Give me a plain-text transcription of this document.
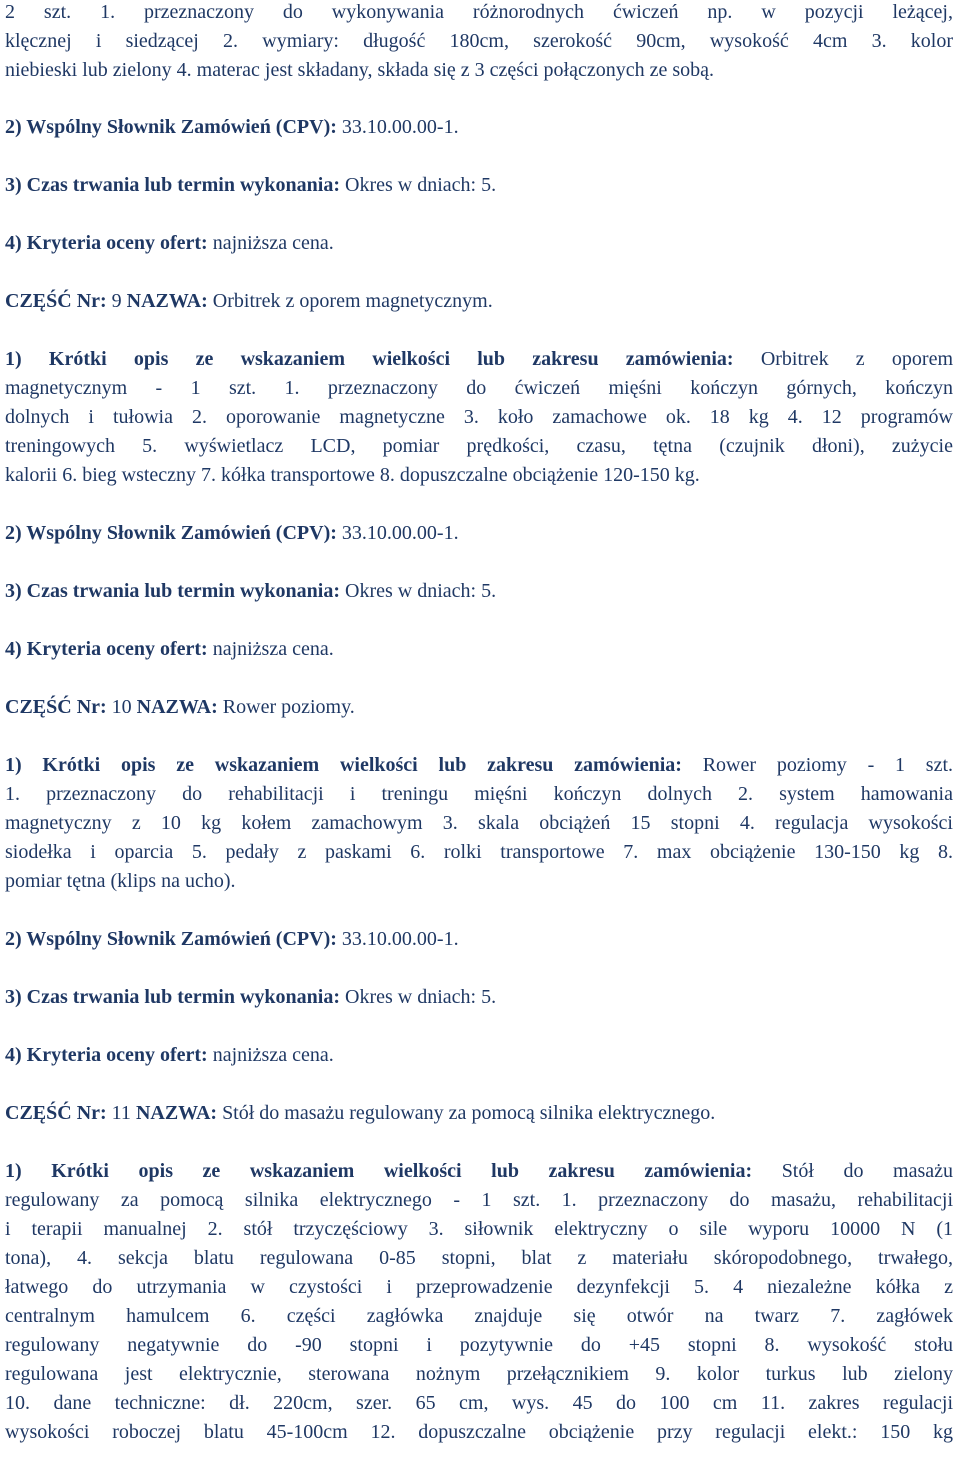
2 szt. 1. przeznaczony do wykonywania różnorodnych ćwiczeń np. w pozycji leżącej,
klęcznej i siedzącej 2. wymiary: długość 180cm, szerokość 90cm, wysokość 4cm 3. kolor
niebieski lub zielony 4. materac jest składany, składa się z 3 części połączonych ze sobą.
2) Wspólny Słownik Zamówień (CPV): 33.10.00.00-1.
3) Czas trwania lub termin wykonania: Okres w dniach: 5.
4) Kryteria oceny ofert: najniższa cena.
CZĘŚĆ Nr: 9 NAZWA: Orbitrek z oporem magnetycznym.
1) Krótki opis ze wskazaniem wielkości lub zakresu zamówienia: Orbitrek z oporem
magnetycznym - 1 szt. 1. przeznaczony do ćwiczeń mięśni kończyn górnych, kończyn
dolnych i tułowia 2. oporowanie magnetyczne 3. koło zamachowe ok. 18 kg 4. 12 programów
treningowych 5. wyświetlacz LCD, pomiar prędkości, czasu, tętna (czujnik dłoni), zużycie
kalorii 6. bieg wsteczny 7. kółka transportowe 8. dopuszczalne obciążenie 120-150 kg.
2) Wspólny Słownik Zamówień (CPV): 33.10.00.00-1.
3) Czas trwania lub termin wykonania: Okres w dniach: 5.
4) Kryteria oceny ofert: najniższa cena.
CZĘŚĆ Nr: 10 NAZWA: Rower poziomy.
1) Krótki opis ze wskazaniem wielkości lub zakresu zamówienia: Rower poziomy - 1 szt.
1. przeznaczony do rehabilitacji i treningu mięśni kończyn dolnych 2. system hamowania
magnetyczny z 10 kg kołem zamachowym 3. skala obciążeń 15 stopni 4. regulacja wysokości
siodełka i oparcia 5. pedały z paskami 6. rolki transportowe 7. max obciążenie 130-150 kg 8.
pomiar tętna (klips na ucho).
2) Wspólny Słownik Zamówień (CPV): 33.10.00.00-1.
3) Czas trwania lub termin wykonania: Okres w dniach: 5.
4) Kryteria oceny ofert: najniższa cena.
CZĘŚĆ Nr: 11 NAZWA: Stół do masażu regulowany za pomocą silnika elektrycznego.
1) Krótki opis ze wskazaniem wielkości lub zakresu zamówienia: Stół do masażu
regulowany za pomocą silnika elektrycznego - 1 szt. 1. przeznaczony do masażu, rehabilitacji
i terapii manualnej 2. stół trzyczęściowy 3. siłownik elektryczny o sile wyporu 10000 N (1
tona), 4. sekcja blatu regulowana 0-85 stopni, blat z materiału skóropodobnego, trwałego,
łatwego do utrzymania w czystości i przeprowadzenie dezynfekcji 5. 4 niezależne kółka z
centralnym hamulcem 6. części zagłówka znajduje się otwór na twarz 7. zagłówek
regulowany negatywnie do -90 stopni i pozytywnie do +45 stopni 8. wysokość stołu
regulowana jest elektrycznie, sterowana nożnym przełącznikiem 9. kolor turkus lub zielony
10. dane techniczne: dł. 220cm, szer. 65 cm, wys. 45 do 100 cm 11. zakres regulacji
wysokości roboczej blatu 45-100cm 12. dopuszczalne obciążenie przy regulacji elekt.: 150 kg
